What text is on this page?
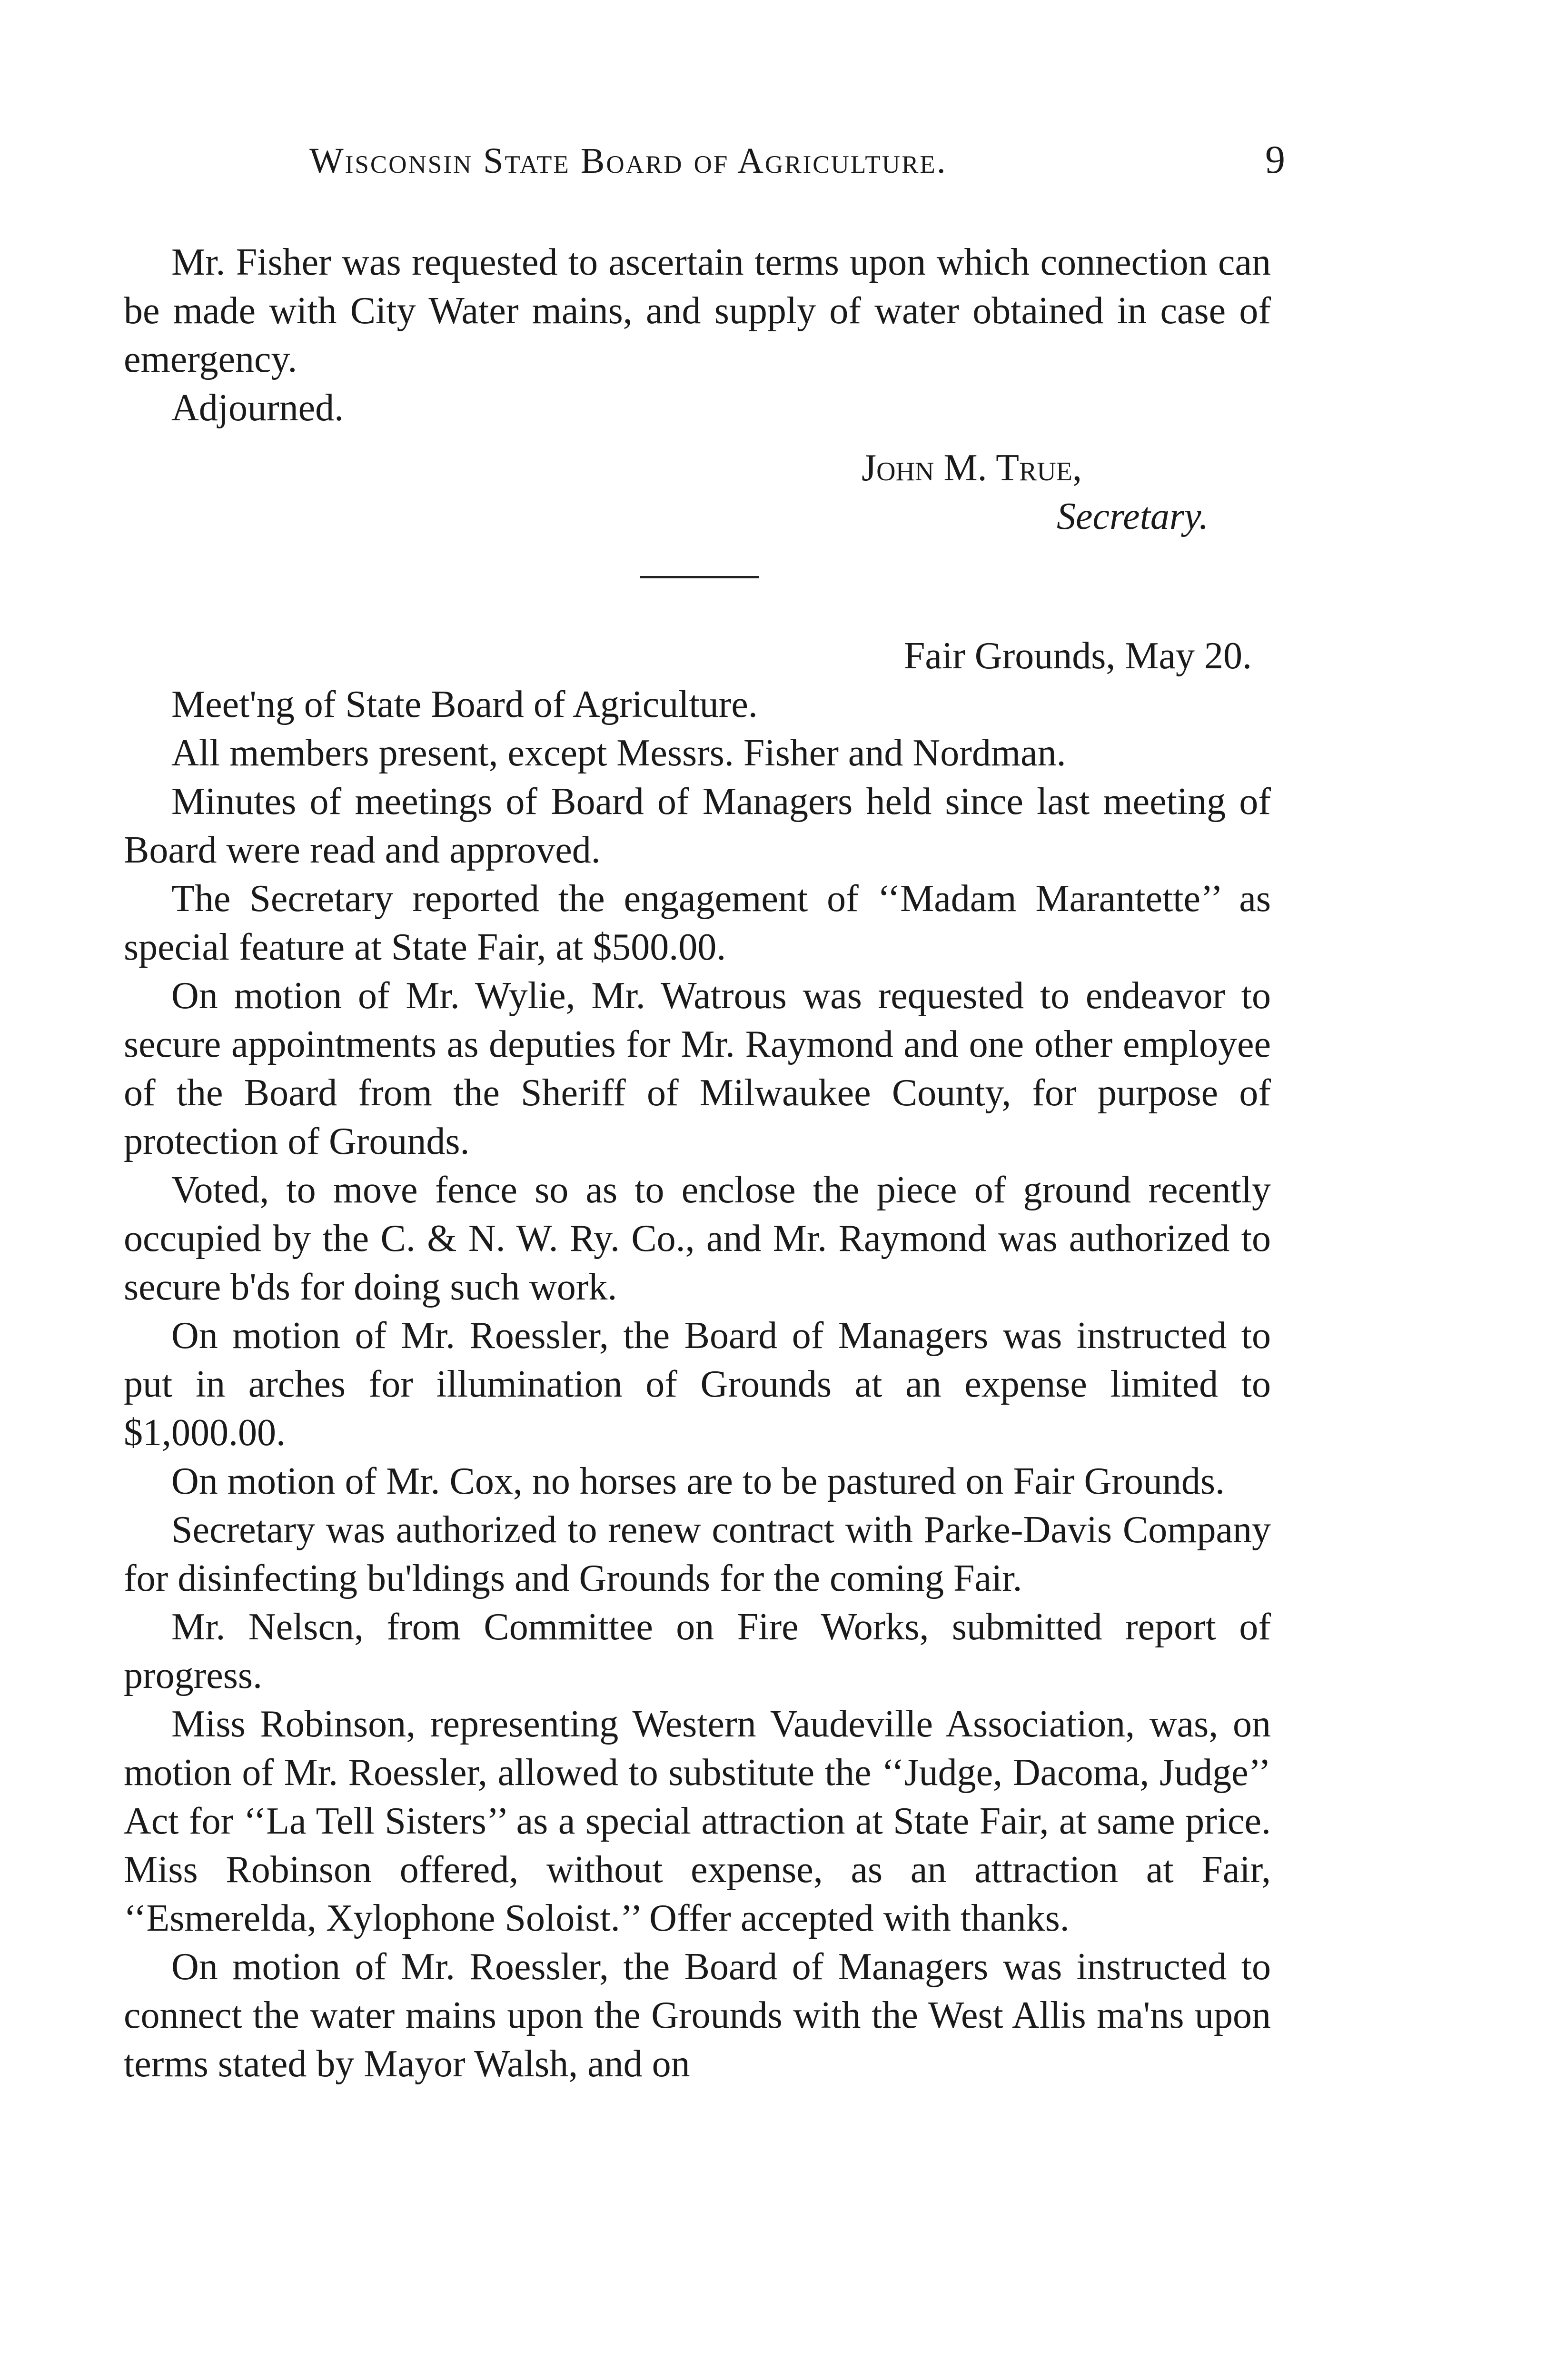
Wisconsin State Board of Agriculture.	9

Mr. Fisher was requested to ascertain terms upon which connection can be made with City Water mains, and supply of water obtained in case of emergency.

Adjourned.

John M. True,
Secretary.

Fair Grounds, May 20.

Meet'ng of State Board of Agriculture.

All members present, except Messrs. Fisher and Nordman.

Minutes of meetings of Board of Managers held since last meeting of Board were read and approved.

The Secretary reported the engagement of ‘‘Madam Marantette’’ as special feature at State Fair, at $500.00.

On motion of Mr. Wylie, Mr. Watrous was requested to endeavor to secure appointments as deputies for Mr. Raymond and one other employee of the Board from the Sheriff of Milwaukee County, for purpose of protection of Grounds.

Voted, to move fence so as to enclose the piece of ground recently occupied by the C. & N. W. Ry. Co., and Mr. Raymond was authorized to secure b'ds for doing such work.

On motion of Mr. Roessler, the Board of Managers was instructed to put in arches for illumination of Grounds at an expense limited to $1,000.00.

On motion of Mr. Cox, no horses are to be pastured on Fair Grounds.

Secretary was authorized to renew contract with Parke-Davis Company for disinfecting bu'ldings and Grounds for the coming Fair.

Mr. Nelscn, from Committee on Fire Works, submitted report of progress.

Miss Robinson, representing Western Vaudeville Association, was, on motion of Mr. Roessler, allowed to substitute the ‘‘Judge, Dacoma, Judge’’ Act for ‘‘La Tell Sisters’’ as a special attraction at State Fair, at same price. Miss Robinson offered, without expense, as an attraction at Fair, ‘‘Esmerelda, Xylophone Soloist.’’ Offer accepted with thanks.

On motion of Mr. Roessler, the Board of Managers was instructed to connect the water mains upon the Grounds with the West Allis ma'ns upon terms stated by Mayor Walsh, and on
